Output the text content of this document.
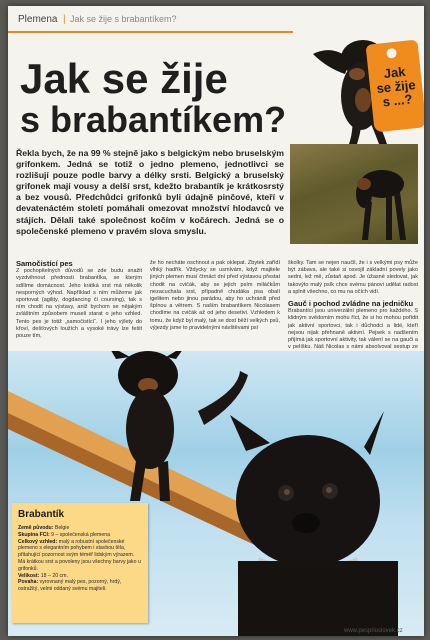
Plemena | Jak se žije s brabantíkem?
Jak
se žije
s ...?
Jak se žije
s brabantíkem?
Řekla bych, že na 99 % stejně jako s belgickým nebo bruselským grifonkem. Jedná se totiž o jedno plemeno, jednotlivci se rozlišují pouze podle barvy a délky srsti. Belgický a bruselský grifonek mají vousy a delší srst, kdežto brabantík je krátkosrstý a bez vousů. Předchůdci grifonků byli údajně pinčové, kteří v devatenáctém století pomáhali omezovat množství hlodavců ve stájích. Dělali také společnost kočím v kočárech. Jedná se o společenské plemeno v pravém slova smyslu.
Samočistící pes
Z pochopitelných důvodů se zde budu snažit vyzdvihnout přednosti brabantíka, se kterým sdílíme domácnost. Jeho krátká srst má několik nesporných výhod. Například s ním můžeme jak sportovat (agility, dogdancing či coursing), tak s ním chodit na výstavy, aniž bychom se nějakým zvláštním způsobem museli starat o jeho vzhled. Tento pes je totiž „samočistící“. I jeho výlety do křoví, dešťových loužích a vysoké trávy lze řešit pouze tím,
že ho necháte oschnout a pak oklepat. Zbytek zařídí vlhký hadřík. Vždycky se usmívám, když majitele jiných plemen musí čtrnáct dní před výstavou přestat chodit na cvičák, aby se jejich psím miláčkům nezacuchala srst, případně chudáka psa obalí igelitem nebo jinou parádou, aby ho uchránili před špínou a větrem. S naším brabantíkem Nicolasem chodíme na cvičák až od jeho desetivi. Vzhledem k tomu, že když byl malý, tak se dost běží velkých psů, výjezdy jsme to pravidelnými návštěvami psí
školky. Tam se nejen naučil, že i s velkými psy může být zábava, ale také si osvojil základní povely jako sedni, lež mě, zůstaň apod. Je úžasné sledovat, jak takovýto malý psík chce svému pánovi udělat radost a splnit všechno, co mu na očích vidí.
Gauč i pochod zvládne na jedničku
Brabantíci jsou univerzální plemeno pro každého. S klidným svědomím mohu říct, že si ho mohou pořídit jak aktivní sportovci, tak i důchodci a lidé, kteří nejsou nijak přehnaně aktivní. Pejsek s nadšením přijímá jak sportovní aktivity, tak válení se na gauči a v pelíšku. Náš Nicolas s námi absolvoval sestup ze
Brabantík
Země původu: Belgie
Skupina FCI: 9 – společenská plemena
Celkový vzhled: malý a robustní společenské plemeno s elegantním pohybem i stavbou těla, přitahující pozornost svým téměř lidským výrazem. Má krátkou srst a povoleny jsou všechny barvy jako u grifonků.
Velikost: 18 – 20 cm.
Povaha: vyrovnaný malý pes, pozorný, hrdý, ostražitý, velmi oddaný svému majiteli.
www.pesprioslovek.cz
